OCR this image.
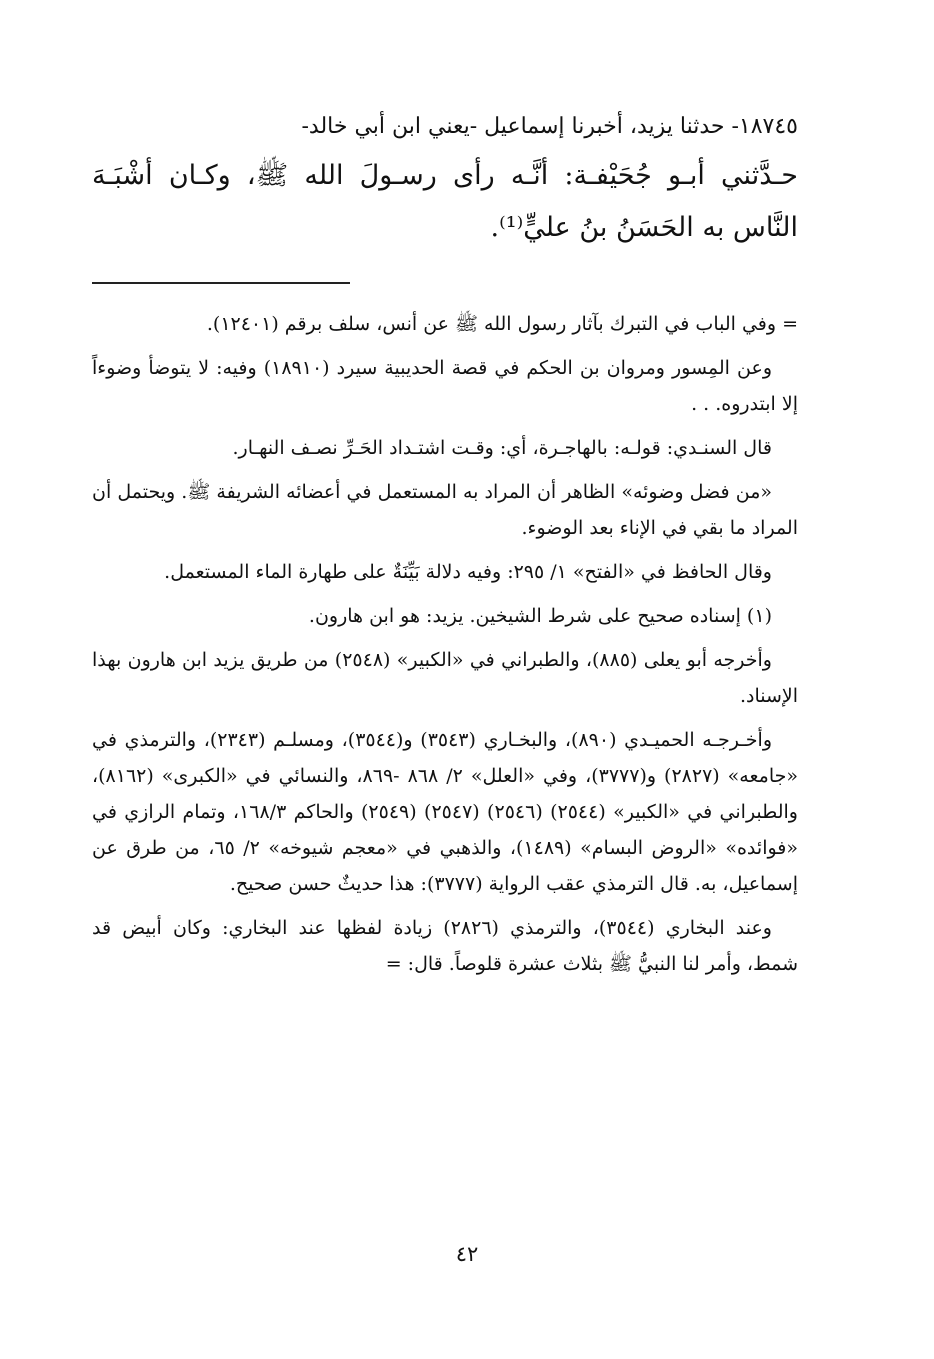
١٨٧٤٥- حدثنا يزيد، أخبرنا إسماعيل -يعني ابن أبي خالد-

حـدَّثني أبـو جُحَيْفـة: أنَّـه رأى رسـولَ الله ﷺ، وكـان أشْبَـهَ النَّاس به الحَسَنُ بنُ عليٍّ⁽¹⁾.

= وفي الباب في التبرك بآثار رسول الله ﷺ عن أنس، سلف برقم (١٢٤٠١).

وعن المِسور ومروان بن الحكم في قصة الحديبية سيرد (١٨٩١٠) وفيه: لا يتوضأ وضوءاً إلا ابتدروه. . .

قال السنـدي: قولـه: بالهاجـرة، أي: وقـت اشتـداد الحَـرِّ نصـف النهـار.

«من فضل وضوئه» الظاهر أن المراد به المستعمل في أعضائه الشريفة ﷺ. ويحتمل أن المراد ما بقي في الإناء بعد الوضوء.

وقال الحافظ في «الفتح» ١/ ٢٩٥: وفيه دلالة بَيِّنَةٌ على طهارة الماء المستعمل.

(١) إسناده صحيح على شرط الشيخين. يزيد: هو ابن هارون.

وأخرجه أبو يعلى (٨٨٥)، والطبراني في «الكبير» (٢٥٤٨) من طريق يزيد ابن هارون بهذا الإسناد.

وأخـرجـه الحميـدي (٨٩٠)، والبخـاري (٣٥٤٣) و(٣٥٤٤)، ومسلـم (٢٣٤٣)، والترمذي في «جامعه» (٢٨٢٧) و(٣٧٧٧)، وفي «العلل» ٢/ ٨٦٨ -٨٦٩، والنسائي في «الكبرى» (٨١٦٢)، والطبراني في «الكبير» (٢٥٤٤) (٢٥٤٦) (٢٥٤٧) (٢٥٤٩) والحاكم ١٦٨/٣، وتمام الرازي في «فوائده» «الروض البسام» (١٤٨٩)، والذهبي في «معجم شيوخه» ٢/ ٦٥، من طرق عن إسماعيل، به. قال الترمذي عقب الرواية (٣٧٧٧): هذا حديثٌ حسن صحيح.

وعند البخاري (٣٥٤٤)، والترمذي (٢٨٢٦) زيادة لفظها عند البخاري: وكان أبيض قد شمط، وأمر لنا النبيُّ ﷺ بثلاث عشرة قلوصاً. قال: =

٤٢
